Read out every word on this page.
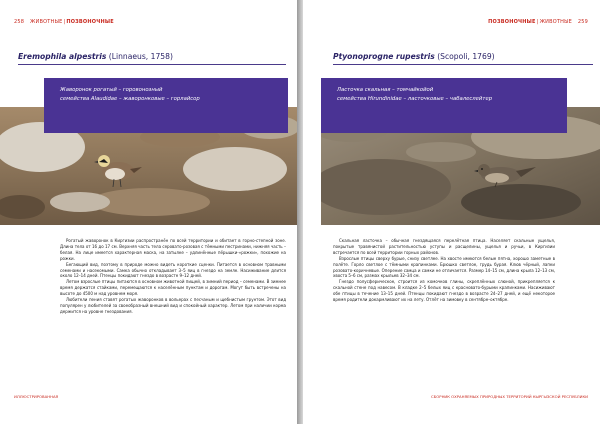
258 ЖИВОТНЫЕ|ПОЗВОНОЧНЫЕ
Eremophila alpestris (Linnaeus, 1758)
Жаворонок рогатый – горовонозный
семейства Alaudidae – жаворонковые – горлайсор

Рогатый жаворонок в Киргизии распространён по всей территории и обитает в горно-степной зоне. Длина тела от 16 до 17 см. Верхняя часть тела серовато-розовая с тёмными пестринами, нижняя часть – белая. На лице имеется характерная маска, на затылке – удлинённые пёрышки-«рожки», похожие на рожки.

Бегающий вид, поэтому в природе можно видеть короткие сценки. Питается в основном травными семенами и насекомыми. Самка обычно откладывает 3–5 яиц в гнездо на земле. Насиживание длится около 12–14 дней. Птенцы покидают гнездо в возрасте 9–12 дней.

Летом взрослые птицы питаются в основном животной пищей, в зимний период – семенами. В зимнее время держатся стайками, перемещаются к населённым пунктам и дорогам. Могут быть встречены на высоте до 4500 м над уровнем моря.

Любители пения ставят рогатых жаворонков в вольерах с песчаным и щебнистым грунтом. Этот вид популярен у любителей за своеобразный внешний вид и спокойный характер. Летом при наличии корма держится на уровне гнездования.

ИЛЛЮСТРИРОВАННАЯ
ПОЗВОНОЧНЫЕ|ЖИВОТНЫЕ 259
Ptyonoprogne rupestris (Scopoli, 1769)
Ласточка скальная – томчайкойой
семейства Hirundinidae – ласточковые – чабалеслейтер

Скальная ласточка – обычная гнездящаяся перелётная птица. Населяет скальные ущелья, покрытые травянистой растительностью уступы и расщелины, ущелья и ручьи, в Киргизии встречается по всей территории горных районов.

Взрослые птицы сверху бурые, снизу светлее. На хвосте имеются белые пятна, хорошо заметные в полёте. Горло светлое с тёмными крапинками. Брюшко светлое, грудь бурая. Клюв чёрный, лапки розовато-коричневые. Оперение самца и самки не отличается. Размер 14–15 см, длина крыла 12–13 см, хвоста 5–6 см, размах крыльев 32–34 см.

Гнездо полусферическое, строится из комочков глины, скреплённых слюной, прикрепляется к скальной стене под навесом. В кладке 2–5 белых яиц с красновато-бурыми крапинками. Насиживают обе птицы в течение 13–15 дней. Птенцы покидают гнездо в возрасте 24–27 дней, и ещё некоторое время родители докармливают их на лету. Отлёт на зимовку в сентябре–октябре.

СБОРНИК ОХРАНЯЕМЫХ ПРИРОДНЫХ ТЕРРИТОРИЙ КЫРГЫЗСКОЙ РЕСПУБЛИКИ
